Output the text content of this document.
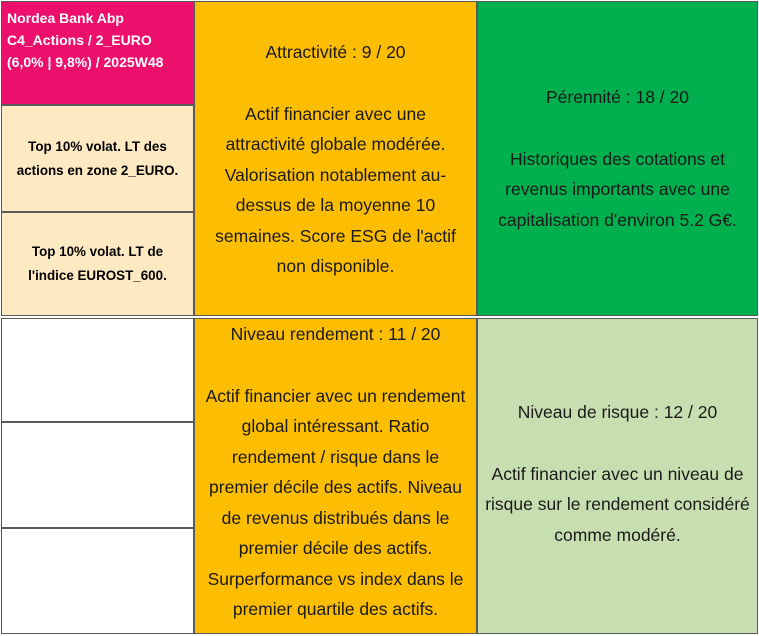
Nordea Bank Abp
C4_Actions / 2_EURO
(6,0% | 9,8%) / 2025W48
Top 10% volat. LT des actions en zone 2_EURO.
Top 10% volat. LT de l'indice EUROST_600.
Attractivité : 9 / 20
Actif financier avec une attractivité globale modérée. Valorisation notablement au-dessus de la moyenne 10 semaines. Score ESG de l'actif non disponible.
Pérennité : 18 / 20
Historiques des cotations et revenus importants avec une capitalisation d'environ 5.2 G€.
Niveau rendement : 11 / 20
Actif financier avec un rendement global intéressant. Ratio rendement / risque dans le premier décile des actifs. Niveau de revenus distribués dans le premier décile des actifs. Surperformance vs index dans le premier quartile des actifs.
Niveau de risque : 12 / 20
Actif financier avec un niveau de risque sur le rendement considéré comme modéré.
